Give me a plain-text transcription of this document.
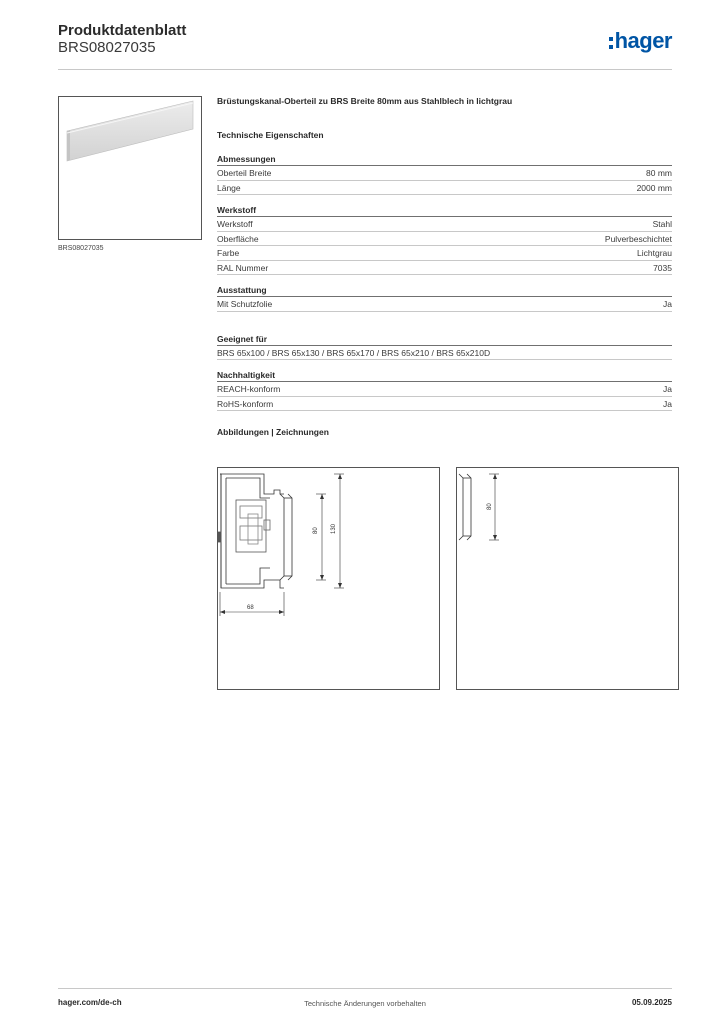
Produktdatenblatt
BRS08027035	hager
BRS08027035
Brüstungskanal-Oberteil zu BRS Breite 80mm aus Stahlblech in lichtgrau
Technische Eigenschaften
Abmessungen
Oberteil Breite	80 mm
Länge	2000 mm
Werkstoff
Werkstoff	Stahl
Oberfläche	Pulverbeschichtet
Farbe	Lichtgrau
RAL Nummer	7035
Ausstattung
Mit Schutzfolie	Ja
Geeignet für
BRS 65x100 / BRS 65x130 / BRS 65x170 / BRS 65x210 / BRS 65x210D
Nachhaltigkeit
REACH-konform	Ja
RoHS-konform	Ja
Abbildungen | Zeichnungen
80 130
68
80
hager.com/de-ch	Technische Änderungen vorbehalten	05.09.2025
